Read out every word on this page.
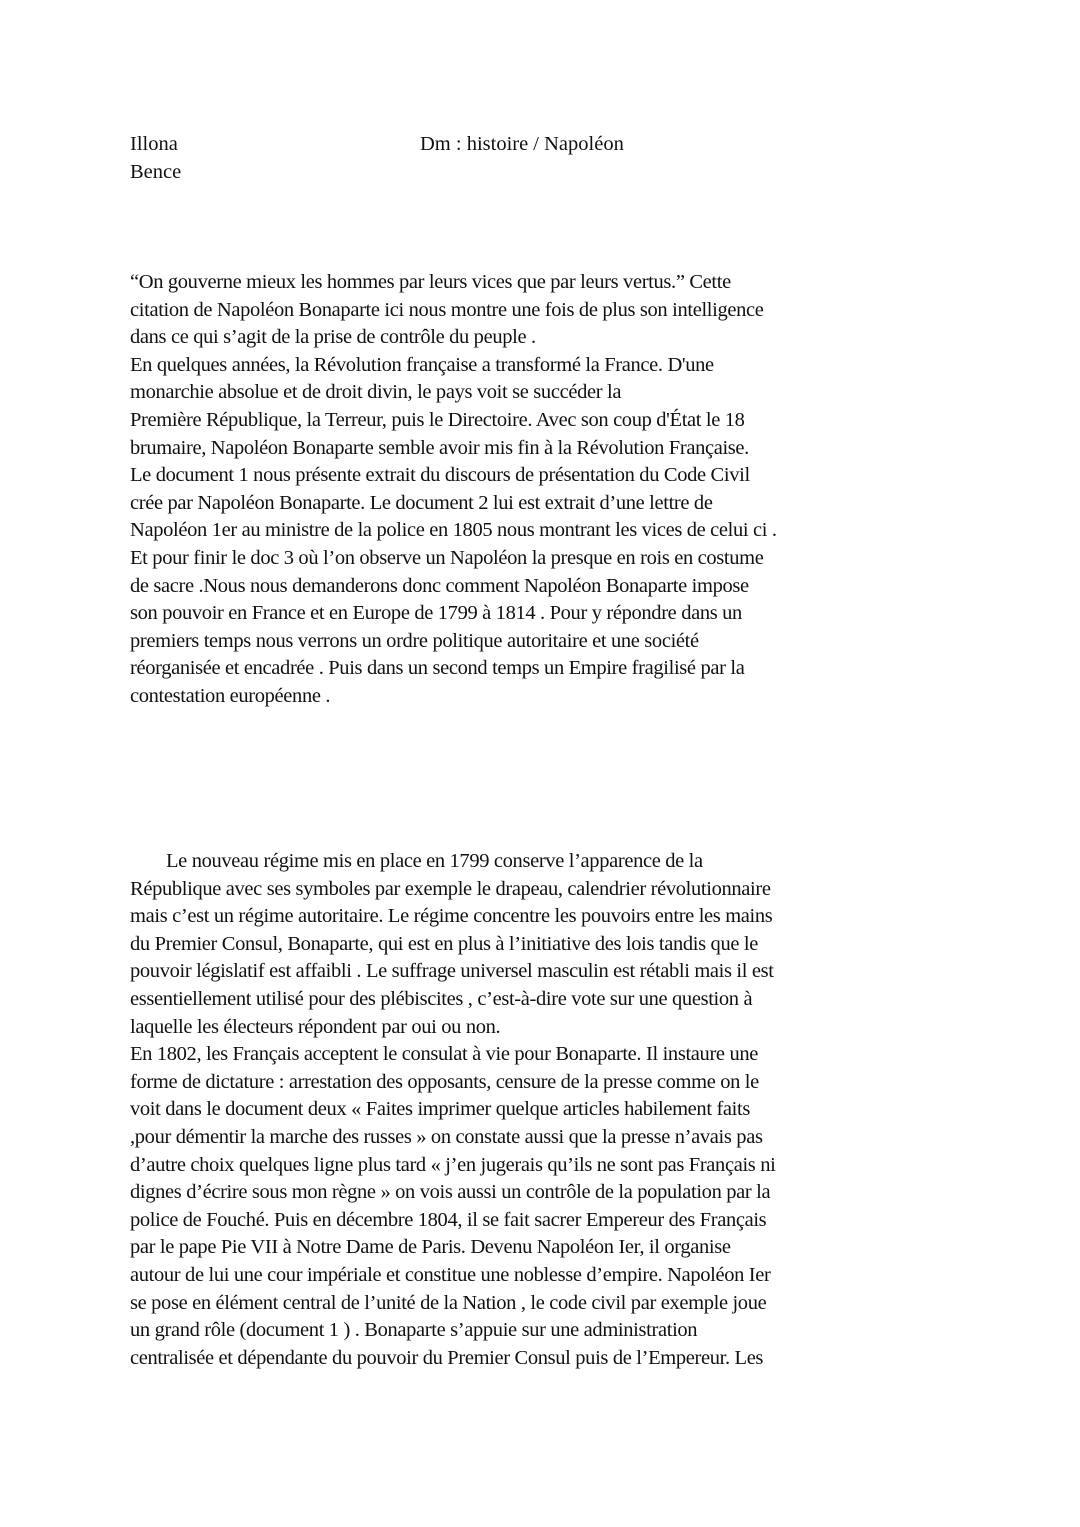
Illona
Bence
Dm : histoire / Napoléon
“On gouverne mieux les hommes par leurs vices que par leurs vertus.” Cette
citation de Napoléon Bonaparte ici nous montre une fois de plus son intelligence
dans ce qui s’agit de la prise de contrôle du peuple .
En quelques années, la Révolution française a transformé la France. D'une
monarchie absolue et de droit divin, le pays voit se succéder la
Première République, la Terreur, puis le Directoire. Avec son coup d'État le 18
brumaire, Napoléon Bonaparte semble avoir mis fin à la Révolution Française.
Le document 1 nous présente extrait du discours de présentation du Code Civil
crée par Napoléon Bonaparte. Le document 2 lui est extrait d’une lettre de
Napoléon 1er au ministre de la police en 1805 nous montrant les vices de celui ci .
Et pour finir le doc 3 où l’on observe un Napoléon la presque en rois en costume
de sacre .Nous nous demanderons donc comment Napoléon Bonaparte impose
son pouvoir en France et en Europe de 1799 à 1814 . Pour y répondre dans un
premiers temps nous verrons un ordre politique autoritaire et une société
réorganisée et encadrée . Puis dans un second temps un Empire fragilisé par la
contestation européenne .
Le nouveau régime mis en place en 1799 conserve l’apparence de la
République avec ses symboles par exemple le drapeau, calendrier révolutionnaire
mais c’est un régime autoritaire. Le régime concentre les pouvoirs entre les mains
du Premier Consul, Bonaparte, qui est en plus à l’initiative des lois tandis que le
pouvoir législatif est affaibli . Le suffrage universel masculin est rétabli mais il est
essentiellement utilisé pour des plébiscites , c’est-à-dire vote sur une question à
laquelle les électeurs répondent par oui ou non.
En 1802, les Français acceptent le consulat à vie pour Bonaparte. Il instaure une
forme de dictature : arrestation des opposants, censure de la presse comme on le
voit dans le document deux « Faites imprimer quelque articles habilement faits
,pour démentir la marche des russes » on constate aussi que la presse n’avais pas
d’autre choix quelques ligne plus tard « j’en jugerais qu’ils ne sont pas Français ni
dignes d’écrire sous mon règne » on vois aussi un contrôle de la population par la
police de Fouché. Puis en décembre 1804, il se fait sacrer Empereur des Français
par le pape Pie VII à Notre Dame de Paris. Devenu Napoléon Ier, il organise
autour de lui une cour impériale et constitue une noblesse d’empire. Napoléon Ier
se pose en élément central de l’unité de la Nation , le code civil par exemple joue
un grand rôle (document 1 ) . Bonaparte s’appuie sur une administration
centralisée et dépendante du pouvoir du Premier Consul puis de l’Empereur. Les
